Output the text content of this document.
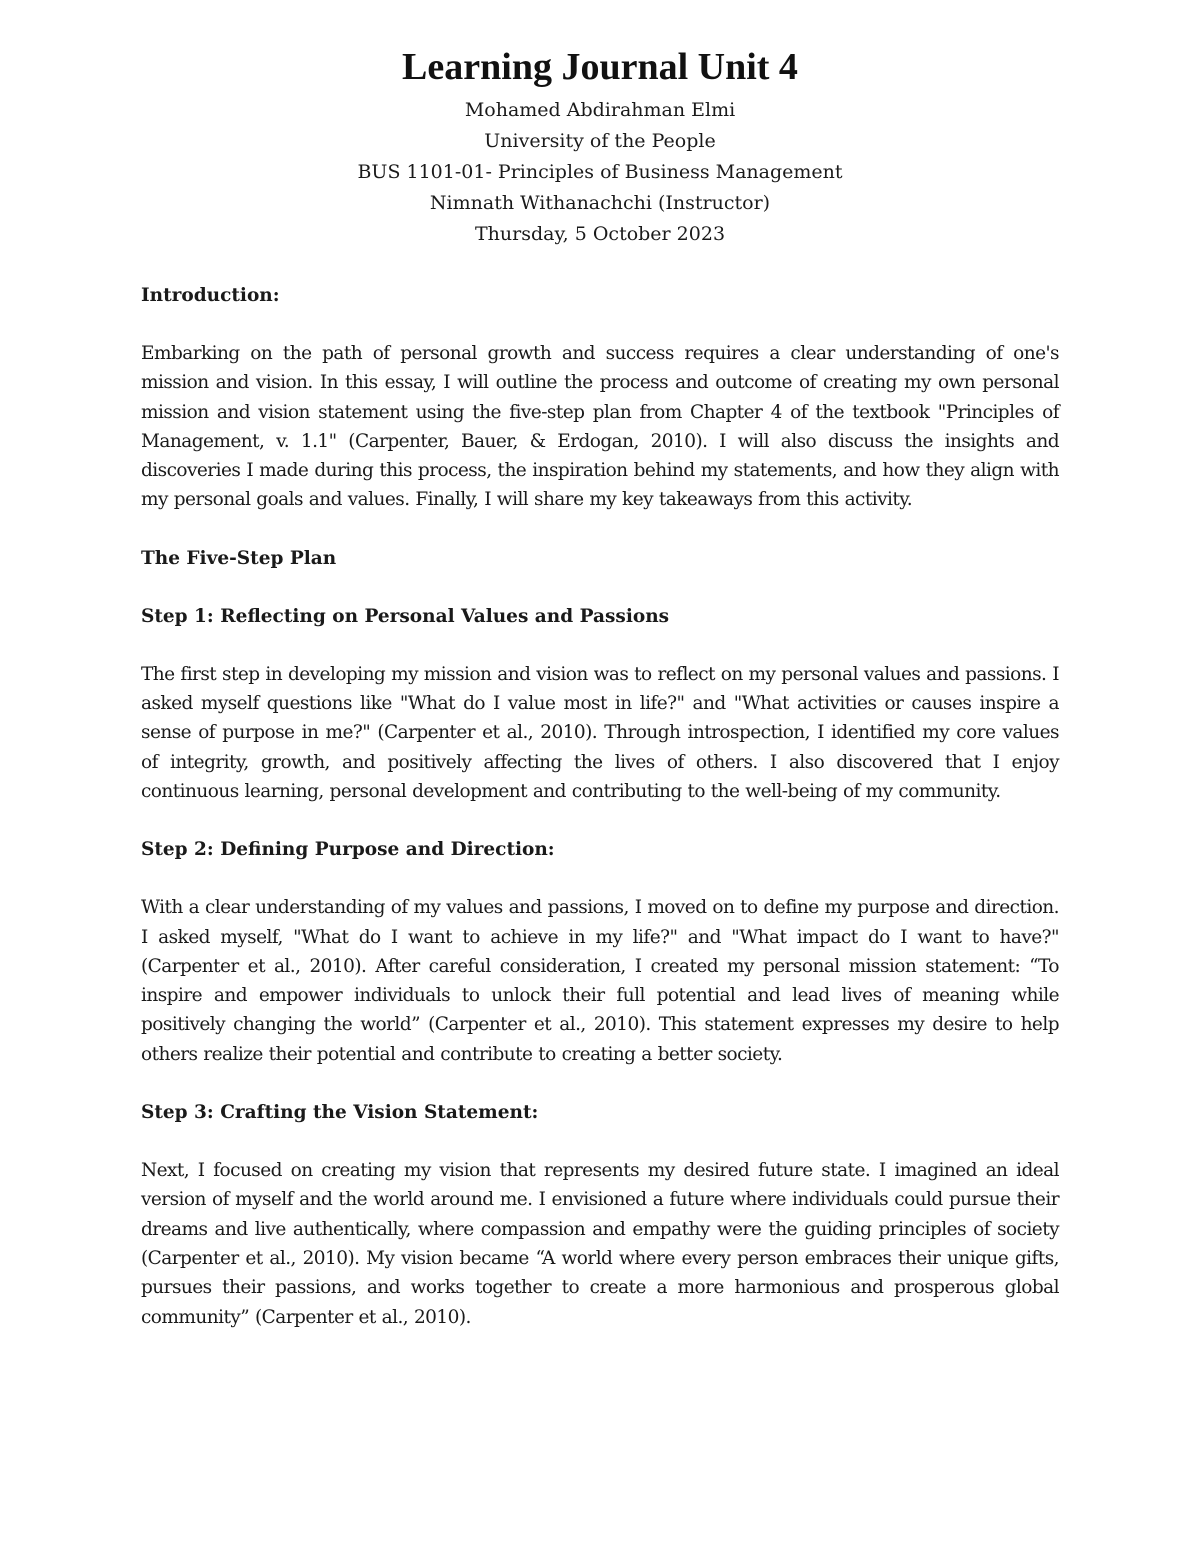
Learning Journal Unit 4

Mohamed Abdirahman Elmi

University of the People

BUS 1101-01- Principles of Business Management

Nimnath Withanachchi (Instructor)

Thursday, 5 October 2023

Introduction:

Embarking on the path of personal growth and success requires a clear understanding of one's mission and vision. In this essay, I will outline the process and outcome of creating my own personal mission and vision statement using the five-step plan from Chapter 4 of the textbook "Principles of Management, v. 1.1" (Carpenter, Bauer, & Erdogan, 2010). I will also discuss the insights and discoveries I made during this process, the inspiration behind my statements, and how they align with my personal goals and values. Finally, I will share my key takeaways from this activity.

The Five-Step Plan

Step 1: Reflecting on Personal Values and Passions

The first step in developing my mission and vision was to reflect on my personal values and passions. I asked myself questions like "What do I value most in life?" and "What activities or causes inspire a sense of purpose in me?" (Carpenter et al., 2010). Through introspection, I identified my core values of integrity, growth, and positively affecting the lives of others. I also discovered that I enjoy continuous learning, personal development and contributing to the well-being of my community.

Step 2: Defining Purpose and Direction:

With a clear understanding of my values and passions, I moved on to define my purpose and direction. I asked myself, "What do I want to achieve in my life?" and "What impact do I want to have?" (Carpenter et al., 2010). After careful consideration, I created my personal mission statement: “To inspire and empower individuals to unlock their full potential and lead lives of meaning while positively changing the world” (Carpenter et al., 2010). This statement expresses my desire to help others realize their potential and contribute to creating a better society.

Step 3: Crafting the Vision Statement:

Next, I focused on creating my vision that represents my desired future state. I imagined an ideal version of myself and the world around me. I envisioned a future where individuals could pursue their dreams and live authentically, where compassion and empathy were the guiding principles of society (Carpenter et al., 2010). My vision became “A world where every person embraces their unique gifts, pursues their passions, and works together to create a more harmonious and prosperous global community” (Carpenter et al., 2010).
